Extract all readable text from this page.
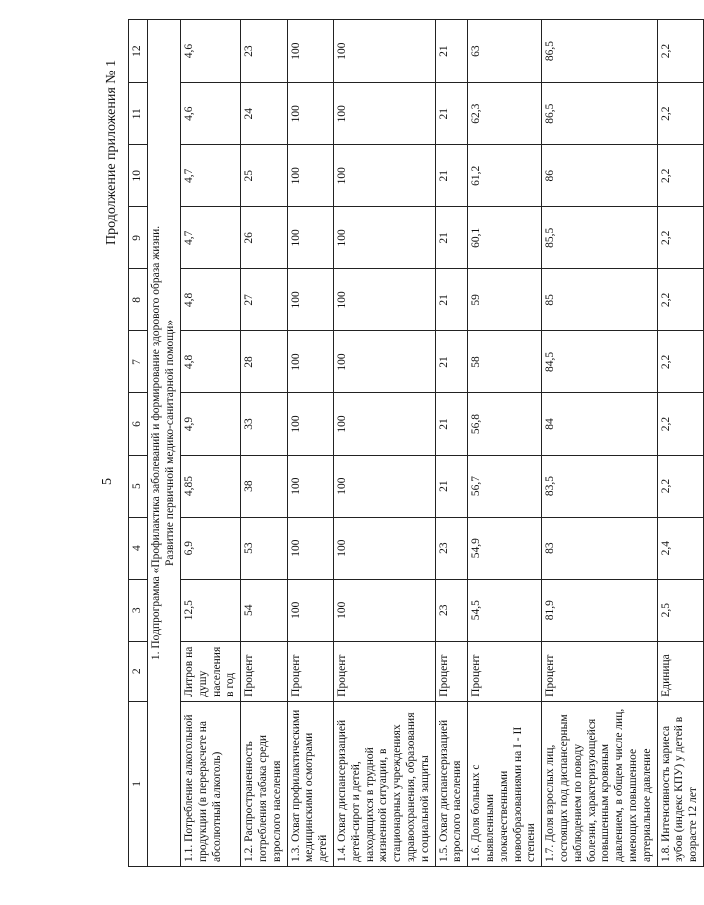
5
Продолжение приложения № 1
1	2	3	4	5	6	7	8	9	10	11	12

1. Подпрограмма «Профилактика заболеваний и формирование здорового образа жизни. Развитие первичной медико-санитарной помощи»											

1.1. Потребление алкогольной продукции (в перерасчете на абсолютный алкоголь)	Литров на душу населения в год	12,5	6,9	4,85	4,9	4,8	4,8	4,7	4,7	4,6	4,6
1.2. Распространенность потребления табака среди взрослого населения	Процент	54	53	38	33	28	27	26	25	24	23
1.3. Охват профилактическими медицинскими осмотрами детей	Процент	100	100	100	100	100	100	100	100	100	100
1.4. Охват диспансеризацией детей-сирот и детей, находящихся в трудной жизненной ситуации, в стационарных учреждениях здравоохранения, образования и социальной защиты	Процент	100	100	100	100	100	100	100	100	100	100
1.5. Охват диспансеризацией взрослого населения	Процент	23	23	21	21	21	21	21	21	21	21
1.6. Доля больных с выявленными злокачественными новообразованиями на I - II степени	Процент	54,5	54,9	56,7	56,8	58	59	60,1	61,2	62,3	63
1.7. Доля взрослых лиц, состоящих под диспансерным наблюдением по поводу болезни, характеризующейся повышенным кровяным давлением, в общем числе лиц, имеющих повышенное артериальное давление	Процент	81,9	83	83,5	84	84,5	85	85,5	86	86,5	86,5
1.8. Интенсивность кариеса зубов (индекс КПУ) у детей в возрасте 12 лет	Единица	2,5	2,4	2,2	2,2	2,2	2,2	2,2	2,2	2,2	2,2
